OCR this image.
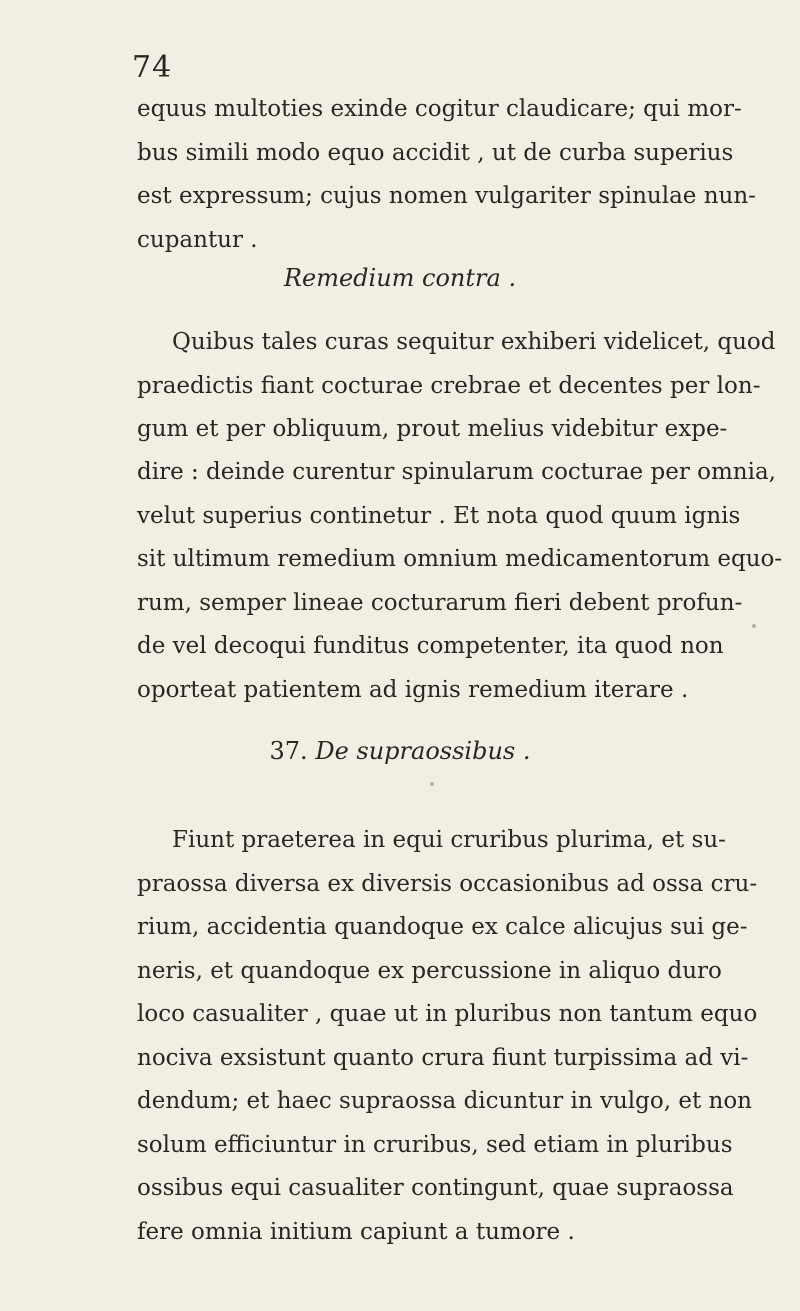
74
equus multoties exinde cogitur claudicare; qui mor-
bus simili modo equo accidit , ut de curba superius
est expressum; cujus nomen vulgariter spinulae nun-
cupantur .
Remedium contra .
Quibus tales curas sequitur exhiberi videlicet, quod
praedictis fiant cocturae crebrae et decentes per lon-
gum et per obliquum, prout melius videbitur expe-
dire : deinde curentur spinularum cocturae per omnia,
velut superius continetur . Et nota quod quum ignis
sit ultimum remedium omnium medicamentorum equo-
rum, semper lineae cocturarum fieri debent profun-
de vel decoqui funditus competenter, ita quod non
oporteat patientem ad ignis remedium iterare .
37. De supraossibus .
Fiunt praeterea in equi cruribus plurima, et su-
praossa diversa ex diversis occasionibus ad ossa cru-
rium, accidentia quandoque ex calce alicujus sui ge-
neris, et quandoque ex percussione in aliquo duro
loco casualiter , quae ut in pluribus non tantum equo
nociva exsistunt quanto crura fiunt turpissima ad vi-
dendum; et haec supraossa dicuntur in vulgo, et non
solum efficiuntur in cruribus, sed etiam in pluribus
ossibus equi casualiter contingunt, quae supraossa
fere omnia initium capiunt a tumore .
